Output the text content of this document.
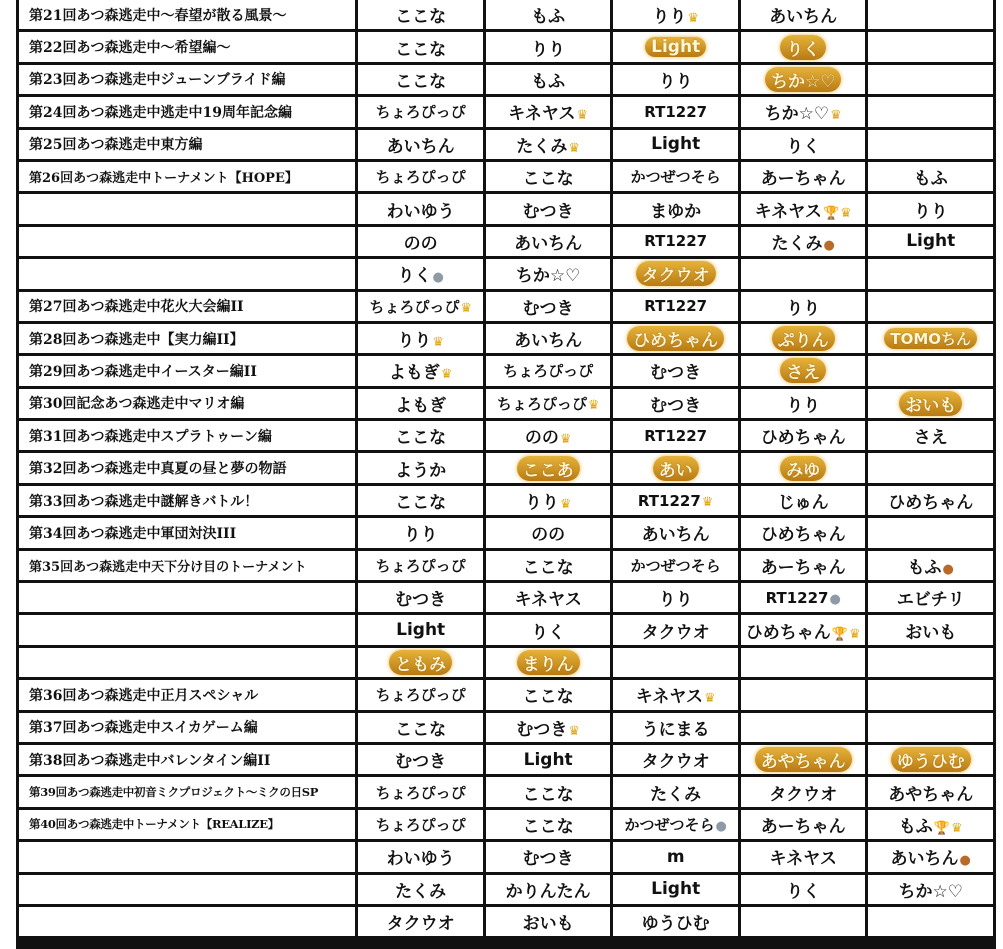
第21回あつ森逃走中〜春望が散る風景〜	ここな	もふ	りり♛	あいちん	
第22回あつ森逃走中〜希望編〜	ここな	りり	Light	りく	
第23回あつ森逃走中ジューンブライド編	ここな	もふ	りり	ちか☆♡	
第24回あつ森逃走中逃走中19周年記念編	ちょろぴっぴ	キネヤス♛	RT1227	ちか☆♡♛	
第25回あつ森逃走中東方編	あいちん	たくみ♛	Light	りく	
第26回あつ森逃走中トーナメント【HOPE】	ちょろぴっぴ	ここな	かつぜつそら	あーちゃん	もふ
	わいゆう	むつき	まゆか	キネヤス🏆♛	りり
	のの	あいちん	RT1227	たくみ●	Light
	りく●	ちか☆♡	タクウオ		
第27回あつ森逃走中花火大会編II	ちょろぴっぴ♛	むつき	RT1227	りり	
第28回あつ森逃走中【実力編II】	りり♛	あいちん	ひめちゃん	ぷりん	TOMOちん
第29回あつ森逃走中イースター編II	よもぎ♛	ちょろぴっぴ	むつき	さえ	
第30回記念あつ森逃走中マリオ編	よもぎ	ちょろぴっぴ♛	むつき	りり	おいも
第31回あつ森逃走中スプラトゥーン編	ここな	のの♛	RT1227	ひめちゃん	さえ
第32回あつ森逃走中真夏の昼と夢の物語	ようか	ここあ	あい	みゆ	
第33回あつ森逃走中謎解きバトル！	ここな	りり♛	RT1227♛	じゅん	ひめちゃん
第34回あつ森逃走中軍団対決III	りり	のの	あいちん	ひめちゃん	
第35回あつ森逃走中天下分け目のトーナメント	ちょろぴっぴ	ここな	かつぜつそら	あーちゃん	もふ●
	むつき	キネヤス	りり	RT1227●	エビチリ
	Light	りく	タクウオ	ひめちゃん🏆♛	おいも
	ともみ	まりん			
第36回あつ森逃走中正月スペシャル	ちょろぴっぴ	ここな	キネヤス♛		
第37回あつ森逃走中スイカゲーム編	ここな	むつき♛	うにまる		
第38回あつ森逃走中バレンタイン編II	むつき	Light	タクウオ	あやちゃん	ゆうひむ
第39回あつ森逃走中初音ミクプロジェクト〜ミクの日SP	ちょろぴっぴ	ここな	たくみ	タクウオ	あやちゃん
第40回あつ森逃走中トーナメント【REALIZE】	ちょろぴっぴ	ここな	かつぜつそら●	あーちゃん	もふ🏆♛
	わいゆう	むつき	m	キネヤス	あいちん●
	たくみ	かりんたん	Light	りく	ちか☆♡
	タクウオ	おいも	ゆうひむ		
